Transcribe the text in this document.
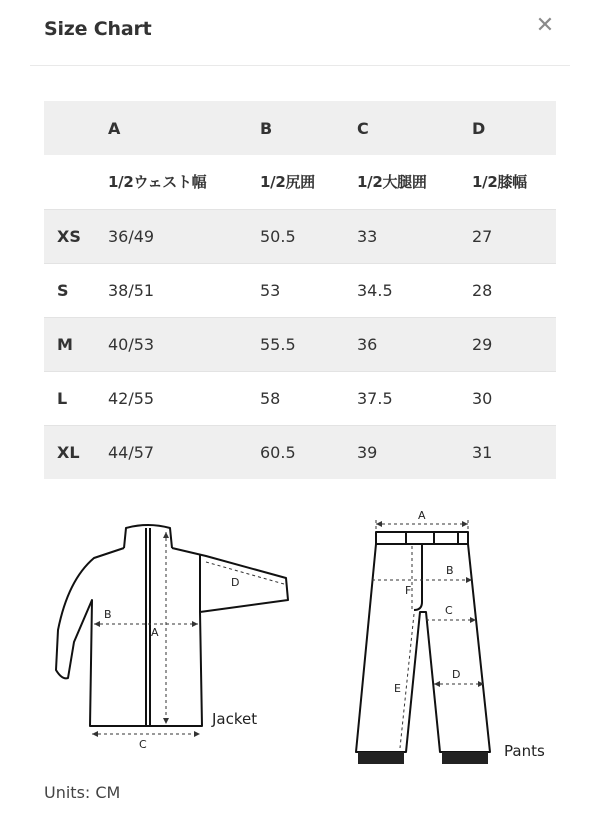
Size Chart	✕
	A	B	C	D
	1/2ウェスト幅	1/2尻囲	1/2大腿囲	1/2膝幅
XS	36/49	50.5	33	27
S	38/51	53	34.5	28
M	40/53	55.5	36	29
L	42/55	58	37.5	30
XL	44/57	60.5	39	31
B
A
C
D
Jacket
A
B
F
C
D
E
Pants
Units: CM
